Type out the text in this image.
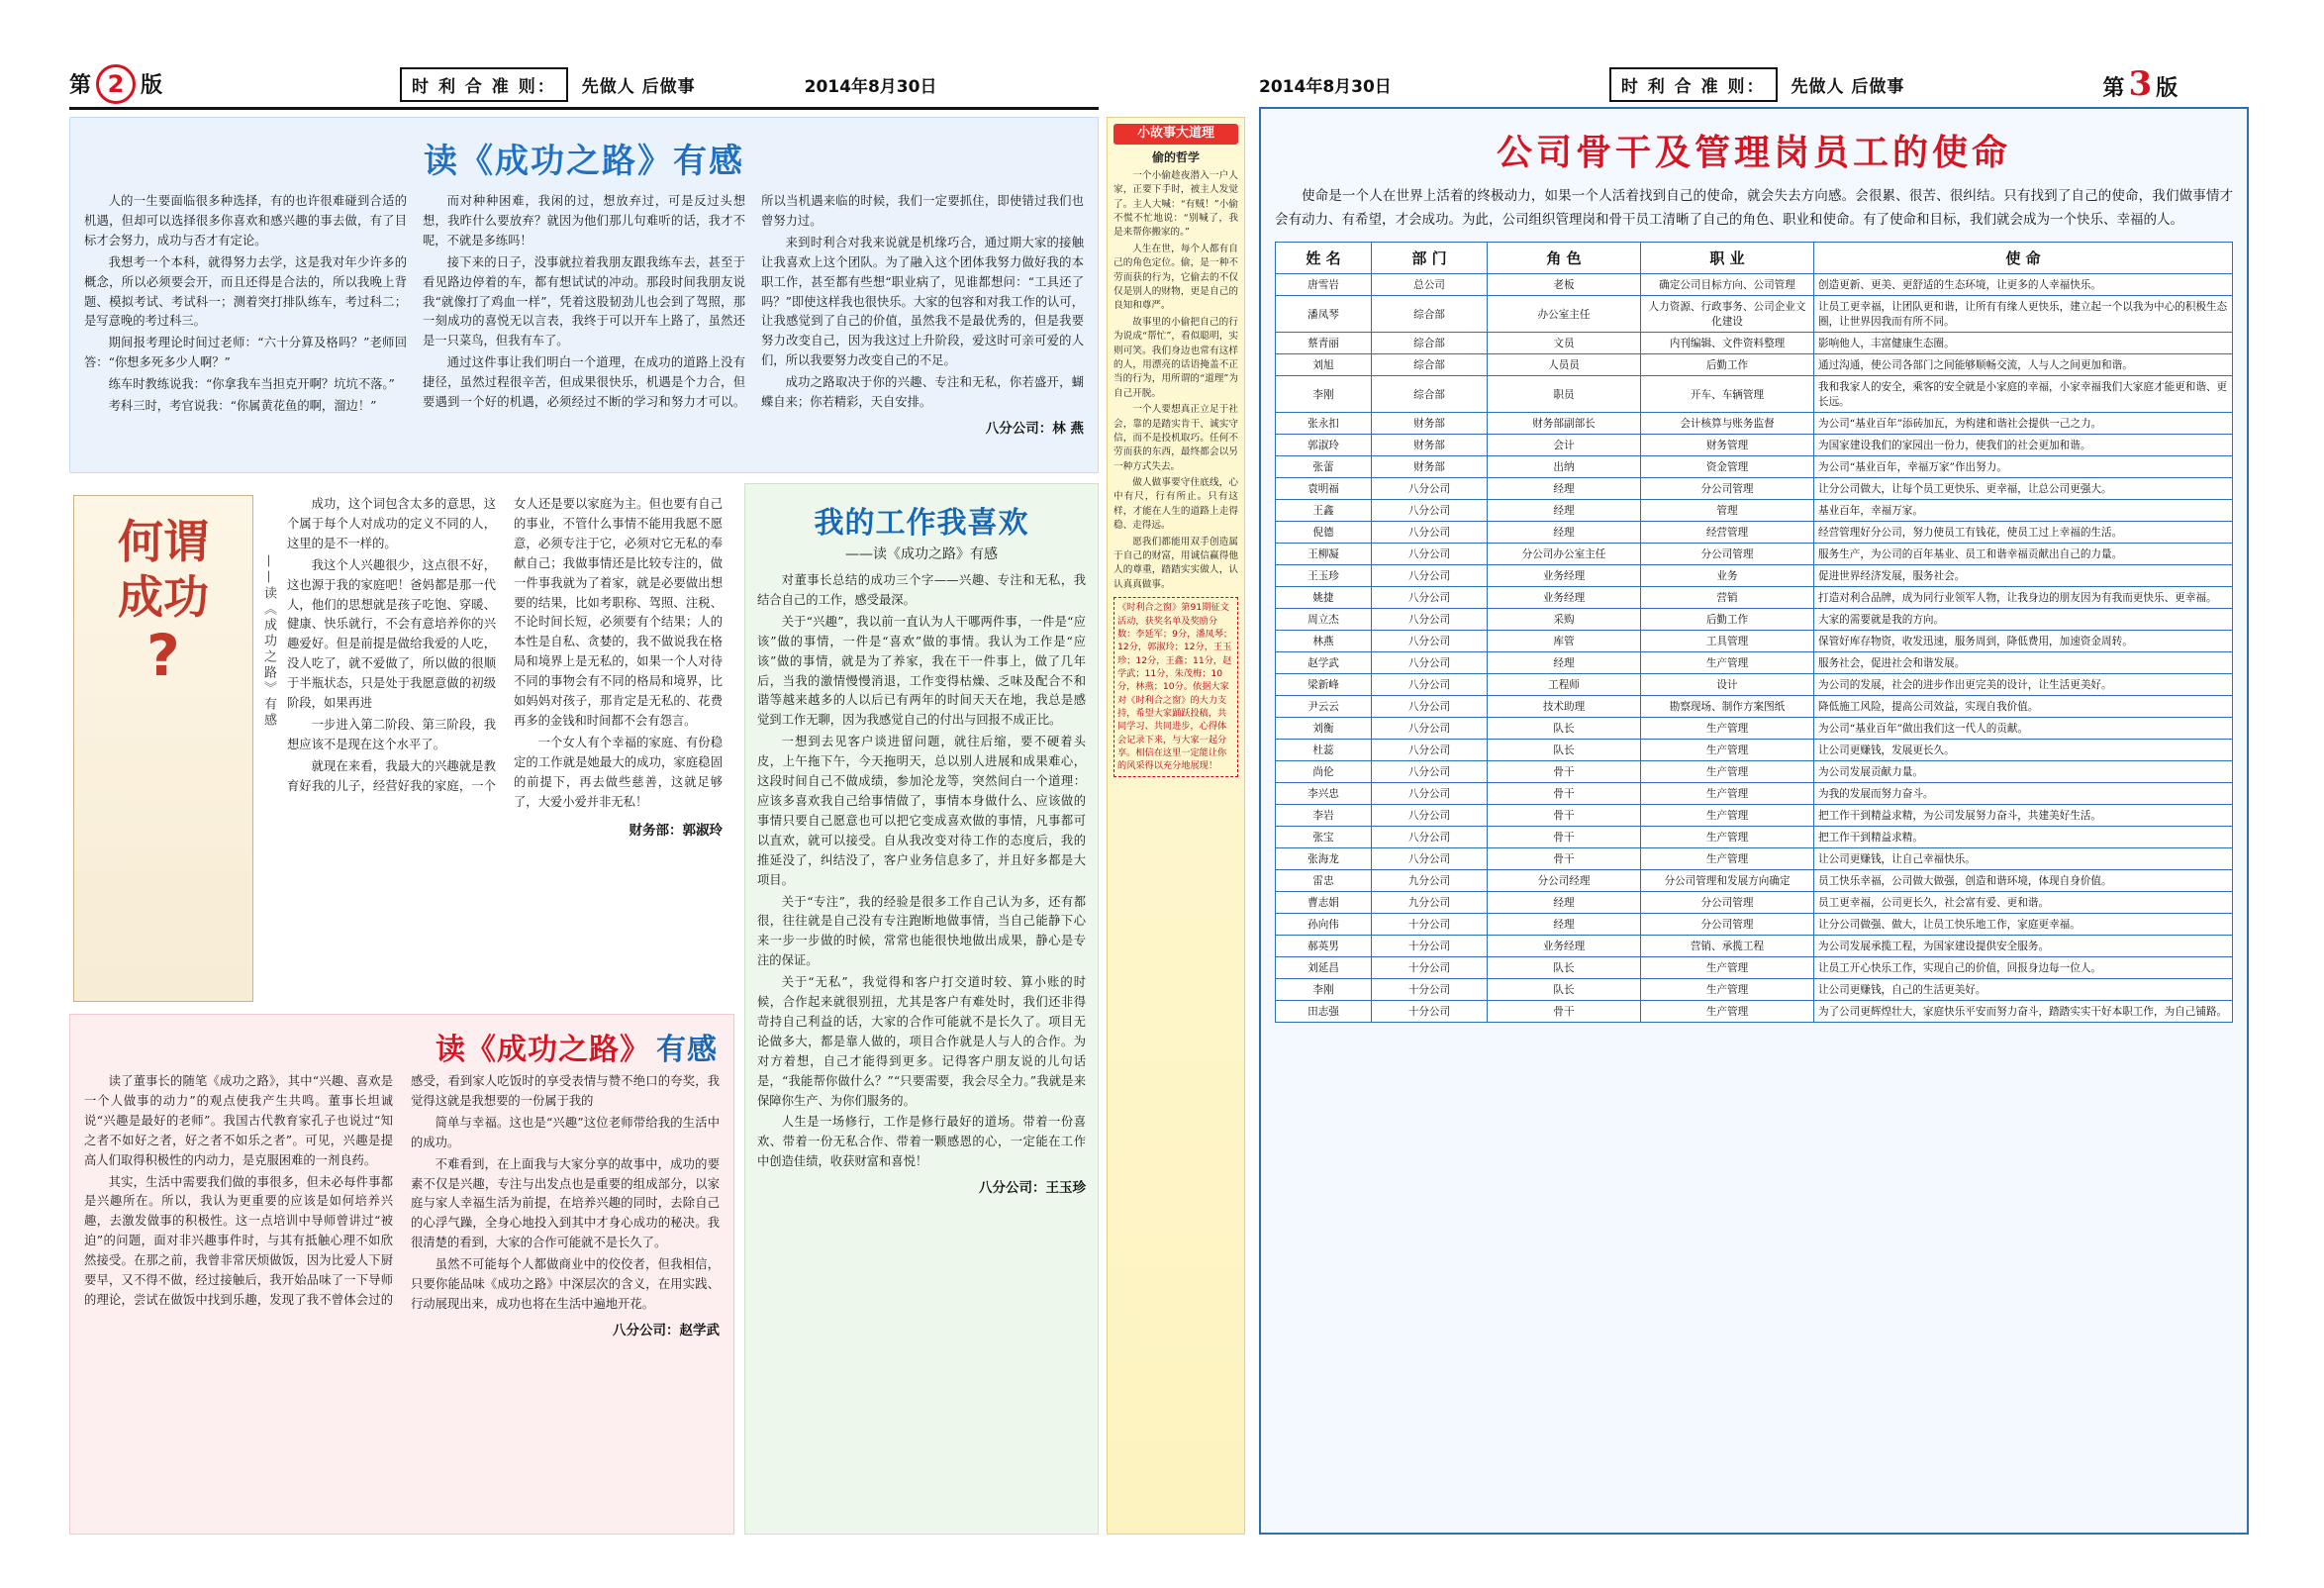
第 2 版	时 利 合 准 则：	先做人 后做事	2014年8月30日	2014年8月30日	时 利 合 准 则：	先做人 后做事	第 3 版
读《成功之路》有感

人的一生要面临很多种选择，有的也许很难碰到合适的机遇，但却可以选择很多你喜欢和感兴趣的事去做，有了目标才会努力，成功与否才有定论。

我想考一个本科，就得努力去学，这是我对年少许多的概念，所以必须要会开，而且还得是合法的，所以我晚上背题、模拟考试、考试科一；测着突打排队练车，考过科二；是写意晚的考过科三。

期间报考理论时间过老师：“六十分算及格吗？”老师回答：“你想多死多少人啊？”

练车时教练说我：“你拿我车当担克开啊？坑坑不落。”

考科三时，考官说我：“你属黄花鱼的啊，溜边！”

而对种种困难，我闲的过，想放弃过，可是反过头想想，我昨什么要放弃？就因为他们那儿句难听的话，我才不呢，不就是多练吗！

接下来的日子，没事就拉着我朋友跟我练车去，甚至于看见路边停着的车，都有想试试的冲动。那段时间我朋友说我“就像打了鸡血一样”，凭着这股韧劲儿也会到了驾照，那一刻成功的喜悦无以言表，我终于可以开车上路了，虽然还是一只菜鸟，但我有车了。

通过这件事让我们明白一个道理，在成功的道路上没有捷径，虽然过程很辛苦，但成果很快乐，机遇是个力合，但要遇到一个好的机遇，必须经过不断的学习和努力才可以。所以当机遇来临的时候，我们一定要抓住，即使错过我们也曾努力过。

来到时利合对我来说就是机缘巧合，通过期大家的接触让我喜欢上这个团队。为了融入这个团体我努力做好我的本职工作，甚至都有些想“职业病了，见谁都想问：“工具还了吗？”即使这样我也很快乐。大家的包容和对我工作的认可，让我感觉到了自己的价值，虽然我不是最优秀的，但是我要努力改变自己，因为我这过上升阶段，爱这时可亲可爱的人们，所以我要努力改变自己的不足。

成功之路取决于你的兴趣、专注和无私，你若盛开，蝴蝶自来；你若精彩，天自安排。

八分公司：林 燕
何谓
成功
?	——读《成功之路》有感

成功，这个词包含太多的意思，这个属于每个人对成功的定义不同的人，这里的是不一样的。

我这个人兴趣很少，这点很不好，这也源于我的家庭吧！爸妈都是那一代人，他们的思想就是孩子吃饱、穿暖、健康、快乐就行，不会有意培养你的兴趣爱好。但是前提是做给我爱的人吃，没人吃了，就不爱做了，所以做的很顺于半瓶状态，只是处于我愿意做的初级阶段，如果再进

一步进入第二阶段、第三阶段，我想应该不是现在这个水平了。

就现在来看，我最大的兴趣就是教育好我的儿子，经营好我的家庭，一个女人还是要以家庭为主。但也要有自己的事业，不管什么事情不能用我愿不愿意，必须专注于它，必须对它无私的奉献自己；我做事情还是比较专注的，做一件事我就为了着家，就是必要做出想要的结果，比如考职称、驾照、注税、不论时间长短，必须要有个结果；人的本性是自私、贪婪的，我不做说我在格局和境界上是无私的，如果一个人对待不同的事物会有不同的格局和境界，比如妈妈对孩子，那肯定是无私的、花费再多的金钱和时间都不会有怨言。

一个女人有个幸福的家庭、有份稳定的工作就是她最大的成功，家庭稳固的前提下，再去做些慈善，这就足够了，大爱小爱并非无私！

财务部：郭淑玲
我的工作我喜欢
——读《成功之路》有感

对董事长总结的成功三个字——兴趣、专注和无私，我结合自己的工作，感受最深。

关于“兴趣”，我以前一直认为人干哪两件事，一件是“应该”做的事情，一件是“喜欢”做的事情。我认为工作是“应该”做的事情，就是为了养家，我在干一件事上，做了几年后，当我的激情慢慢消退，工作变得枯燥、乏味及配合不和谐等越来越多的人以后已有两年的时间天天在地，我总是感觉到工作无聊，因为我感觉自己的付出与回报不成正比。

一想到去见客户谈进留问题，就往后缩，要不硬着头皮，上午拖下午，今天拖明天，总以别人进展和成果难心，这段时间自己不做成绩，参加沦龙等，突然间白一个道理：应该多喜欢我自己给事情做了，事情本身做什么、应该做的事情只要自己愿意也可以把它变成喜欢做的事情，凡事都可以直欢，就可以接受。自从我改变对待工作的态度后，我的推延没了，纠结没了，客户业务信息多了，并且好多都是大项目。

关于“专注”，我的经验是很多工作自己认为多，还有都很，往往就是自己没有专注跑断地做事情，当自己能静下心来一步一步做的时候，常常也能很快地做出成果，静心是专注的保证。

关于“无私”，我觉得和客户打交道时较、算小账的时候，合作起来就很别扭，尤其是客户有难处时，我们还非得苛持自己利益的话，大家的合作可能就不是长久了。项目无论做多大，都是靠人做的，项目合作就是人与人的合作。为对方着想，自己才能得到更多。记得客户朋友说的儿句话是，“我能帮你做什么？”“只要需要，我会尽全力。”我就是来保障你生产、为你们服务的。

人生是一场修行，工作是修行最好的道场。带着一份喜欢、带着一份无私合作、带着一颗感恩的心，一定能在工作中创造佳绩，收获财富和喜悦！

八分公司：王玉珍
读《成功之路》 有感

读了董事长的随笔《成功之路》，其中“兴趣、喜欢是一个人做事的动力”的观点使我产生共鸣。董事长坦诚说“兴趣是最好的老师”。我国古代教育家孔子也说过“知之者不如好之者，好之者不如乐之者”。可见，兴趣是提高人们取得积极性的内动力，是克服困难的一剂良药。

其实，生活中需要我们做的事很多，但未必每件事都是兴趣所在。所以，我认为更重要的应该是如何培养兴趣，去激发做事的积极性。这一点培训中导师曾讲过“被迫”的问题，面对非兴趣事件时，与其有抵触心理不如欣然接受。在那之前，我曾非常厌烦做饭，因为比爱人下厨要早，又不得不做，经过接触后，我开始品味了一下导师的理论，尝试在做饭中找到乐趣，发现了我不曾体会过的感受，看到家人吃饭时的享受表情与赞不绝口的夸奖，我觉得这就是我想要的一份属于我的

简单与幸福。这也是“兴趣”这位老师带给我的生活中的成功。

不难看到，在上面我与大家分享的故事中，成功的要素不仅是兴趣，专注与出发点也是重要的组成部分，以家庭与家人幸福生活为前提，在培养兴趣的同时，去除自己的心浮气躁，全身心地投入到其中才身心成功的秘决。我很清楚的看到，大家的合作可能就不是长久了。

虽然不可能每个人都做商业中的佼佼者，但我相信，只要你能品味《成功之路》中深层次的含义，在用实践、行动展现出来，成功也将在生活中遍地开花。

八分公司：赵学武
小故事大道理
偷的哲学

一个小偷趁夜潜入一户人家，正要下手时，被主人发觉了。主人大喊：“有贼！”小偷不慌不忙地说：“别喊了，我是来帮你搬家的。”

人生在世，每个人都有自己的角色定位。偷，是一种不劳而获的行为，它偷去的不仅仅是别人的财物，更是自己的良知和尊严。

故事里的小偷把自己的行为说成“帮忙”，看似聪明，实则可笑。我们身边也常有这样的人，用漂亮的话语掩盖不正当的行为，用所谓的“道理”为自己开脱。

一个人要想真正立足于社会，靠的是踏实肯干、诚实守信，而不是投机取巧。任何不劳而获的东西，最终都会以另一种方式失去。

做人做事要守住底线，心中有尺，行有所止。只有这样，才能在人生的道路上走得稳、走得远。

愿我们都能用双手创造属于自己的财富，用诚信赢得他人的尊重，踏踏实实做人，认认真真做事。

《时利合之窗》第91期征文活动，获奖名单及奖励分数：李延军；9分，潘凤琴；12分，郭淑玲；12分，王玉珍；12分，王鑫；11分，赵学武；11分，朱茂梅；10分，林燕；10分。依据大家对《时利合之窗》的大力支持，希望大家踊跃投稿，共同学习、共同进步，心得体会记录下来，与大家一起分享。相信在这里一定能让你的风采得以充分地展现！
公司骨干及管理岗员工的使命

使命是一个人在世界上活着的终极动力，如果一个人活着找到自己的使命，就会失去方向感。会很累、很苦、很纠结。只有找到了自己的使命，我们做事情才会有动力、有希望，才会成功。为此，公司组织管理岗和骨干员工清晰了自己的角色、职业和使命。有了使命和目标，我们就会成为一个快乐、幸福的人。

姓 名	部 门	角 色	职 业	使 命
唐雪岩	总公司	老板	确定公司目标方向、公司管理	创造更新、更美、更舒适的生态环境，让更多的人幸福快乐。
潘凤琴	综合部	办公室主任	人力资源、行政事务、公司企业文化建设	让员工更幸福，让团队更和谐，让所有有缘人更快乐，建立起一个以我为中心的积极生态圈，让世界因我而有所不同。
蔡青丽	综合部	文员	内刊编辑、文件资料整理	影响他人，丰富健康生态圈。
刘旭	综合部	人员员	后勤工作	通过沟通，使公司各部门之间能够顺畅交流，人与人之间更加和谐。
李刚	综合部	职员	开车、车辆管理	我和我家人的安全，乘客的安全就是小家庭的幸福，小家幸福我们大家庭才能更和谐、更长远。
张永扣	财务部	财务部副部长	会计核算与账务监督	为公司“基业百年”添砖加瓦，为构建和谐社会提供一己之力。
郭淑玲	财务部	会计	财务管理	为国家建设我们的家园出一份力，使我们的社会更加和谐。
张蕾	财务部	出纳	资金管理	为公司“基业百年，幸福万家”作出努力。
袁明福	八分公司	经理	分公司管理	让分公司做大，让每个员工更快乐、更幸福，让总公司更强大。
王鑫	八分公司	经理	管理	基业百年，幸福万家。
倪德	八分公司	经理	经营管理	经营管理好分公司，努力使员工有钱花，使员工过上幸福的生活。
王柳凝	八分公司	分公司办公室主任	分公司管理	服务生产，为公司的百年基业、员工和谐幸福贡献出自己的力量。
王玉珍	八分公司	业务经理	业务	促进世界经济发展，服务社会。
姚捷	八分公司	业务经理	营销	打造对利合品牌，成为同行业领军人物，让我身边的朋友因为有我而更快乐、更幸福。
周立杰	八分公司	采购	后勤工作	大家的需要就是我的方向。
林燕	八分公司	库管	工具管理	保管好库存物资，收发迅速，服务周到，降低费用，加速资金周转。
赵学武	八分公司	经理	生产管理	服务社会，促进社会和谐发展。
梁新峰	八分公司	工程师	设计	为公司的发展，社会的进步作出更完美的设计，让生活更美好。
尹云云	八分公司	技术助理	勘察现场、制作方案图纸	降低施工风险，提高公司效益，实现自我价值。
刘衡	八分公司	队长	生产管理	为公司“基业百年”做出我们这一代人的贡献。
杜蕊	八分公司	队长	生产管理	让公司更赚钱，发展更长久。
尚伦	八分公司	骨干	生产管理	为公司发展贡献力量。
李兴忠	八分公司	骨干	生产管理	为我的发展而努力奋斗。
李岩	八分公司	骨干	生产管理	把工作干到精益求精，为公司发展努力奋斗，共建美好生活。
张宝	八分公司	骨干	生产管理	把工作干到精益求精。
张海龙	八分公司	骨干	生产管理	让公司更赚钱，让自己幸福快乐。
雷忠	九分公司	分公司经理	分公司管理和发展方向确定	员工快乐幸福，公司做大做强，创造和谐环境，体现自身价值。
曹志娟	九分公司	经理	分公司管理	员工更幸福，公司更长久，社会富有爱、更和谐。
孙向伟	十分公司	经理	分公司管理	让分公司做强、做大，让员工快乐地工作，家庭更幸福。
郝英男	十分公司	业务经理	营销、承揽工程	为公司发展承揽工程，为国家建设提供安全服务。
刘延昌	十分公司	队长	生产管理	让员工开心快乐工作，实现自己的价值，回报身边每一位人。
李刚	十分公司	队长	生产管理	让公司更赚钱，自己的生活更美好。
田志强	十分公司	骨干	生产管理	为了公司更辉煌壮大，家庭快乐平安而努力奋斗，踏踏实实干好本职工作，为自己铺路。
